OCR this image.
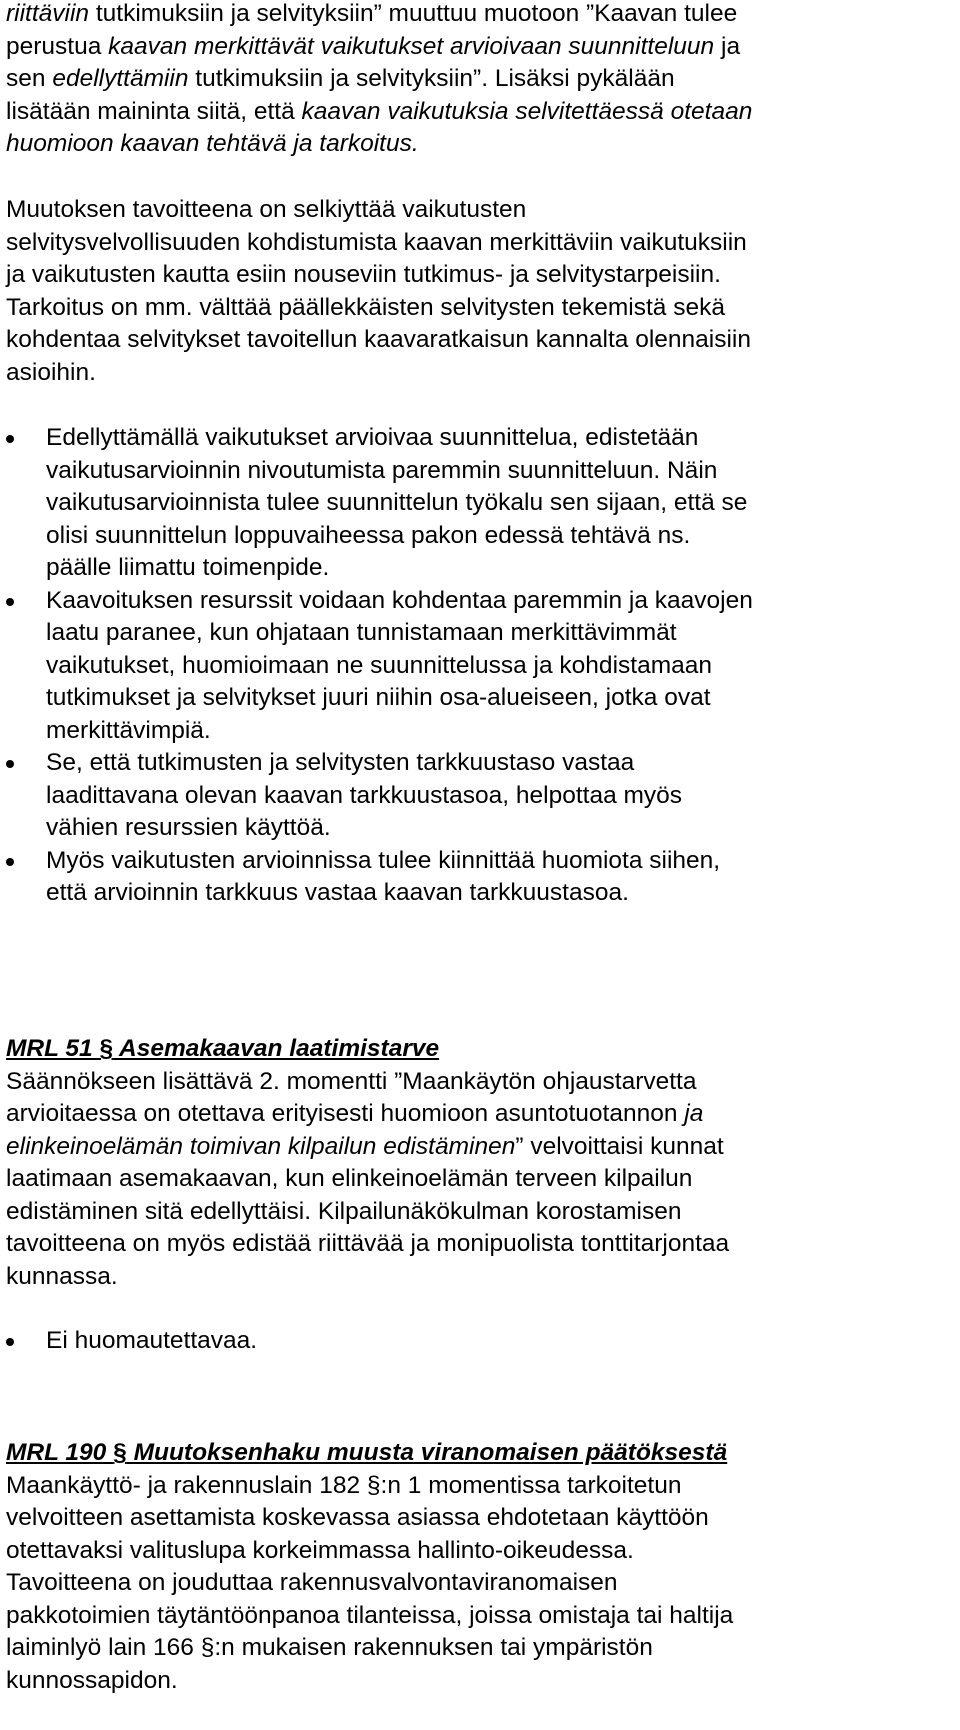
riittäviin tutkimuksiin ja selvityksiin” muuttuu muotoon ”Kaavan tulee
perustua kaavan merkittävät vaikutukset arvioivaan suunnitteluun ja
sen edellyttämiin tutkimuksiin ja selvityksiin”. Lisäksi pykälään
lisätään maininta siitä, että kaavan vaikutuksia selvitettäessä otetaan
huomioon kaavan tehtävä ja tarkoitus.
Muutoksen tavoitteena on selkiyttää vaikutusten
selvitysvelvollisuuden kohdistumista kaavan merkittäviin vaikutuksiin
ja vaikutusten kautta esiin nouseviin tutkimus- ja selvitystarpeisiin.
Tarkoitus on mm. välttää päällekkäisten selvitysten tekemistä sekä
kohdentaa selvitykset tavoitellun kaavaratkaisun kannalta olennaisiin
asioihin.
Edellyttämällä vaikutukset arvioivaa suunnittelua, edistetään
vaikutusarvioinnin nivoutumista paremmin suunnitteluun. Näin
vaikutusarvioinnista tulee suunnittelun työkalu sen sijaan, että se
olisi suunnittelun loppuvaiheessa pakon edessä tehtävä ns.
päälle liimattu toimenpide.
Kaavoituksen resurssit voidaan kohdentaa paremmin ja kaavojen
laatu paranee, kun ohjataan tunnistamaan merkittävimmät
vaikutukset, huomioimaan ne suunnittelussa ja kohdistamaan
tutkimukset ja selvitykset juuri niihin osa-alueiseen, jotka ovat
merkittävimpiä.
Se, että tutkimusten ja selvitysten tarkkuustaso vastaa
laadittavana olevan kaavan tarkkuustasoa, helpottaa myös
vähien resurssien käyttöä.
Myös vaikutusten arvioinnissa tulee kiinnittää huomiota siihen,
että arvioinnin tarkkuus vastaa kaavan tarkkuustasoa.
MRL 51 § Asemakaavan laatimistarve
Säännökseen lisättävä 2. momentti ”Maankäytön ohjaustarvetta
arvioitaessa on otettava erityisesti huomioon asuntotuotannon ja
elinkeinoelämän toimivan kilpailun edistäminen” velvoittaisi kunnat
laatimaan asemakaavan, kun elinkeinoelämän terveen kilpailun
edistäminen sitä edellyttäisi. Kilpailunäkökulman korostamisen
tavoitteena on myös edistää riittävää ja monipuolista tonttitarjontaa
kunnassa.
Ei huomautettavaa.
MRL 190 § Muutoksenhaku muusta viranomaisen päätöksestä
Maankäyttö- ja rakennuslain 182 §:n 1 momentissa tarkoitetun
velvoitteen asettamista koskevassa asiassa ehdotetaan käyttöön
otettavaksi valituslupa korkeimmassa hallinto-oikeudessa.
Tavoitteena on jouduttaa rakennusvalvontaviranomaisen
pakkotoimien täytäntöönpanoa tilanteissa, joissa omistaja tai haltija
laiminlyö lain 166 §:n mukaisen rakennuksen tai ympäristön
kunnossapidon.
